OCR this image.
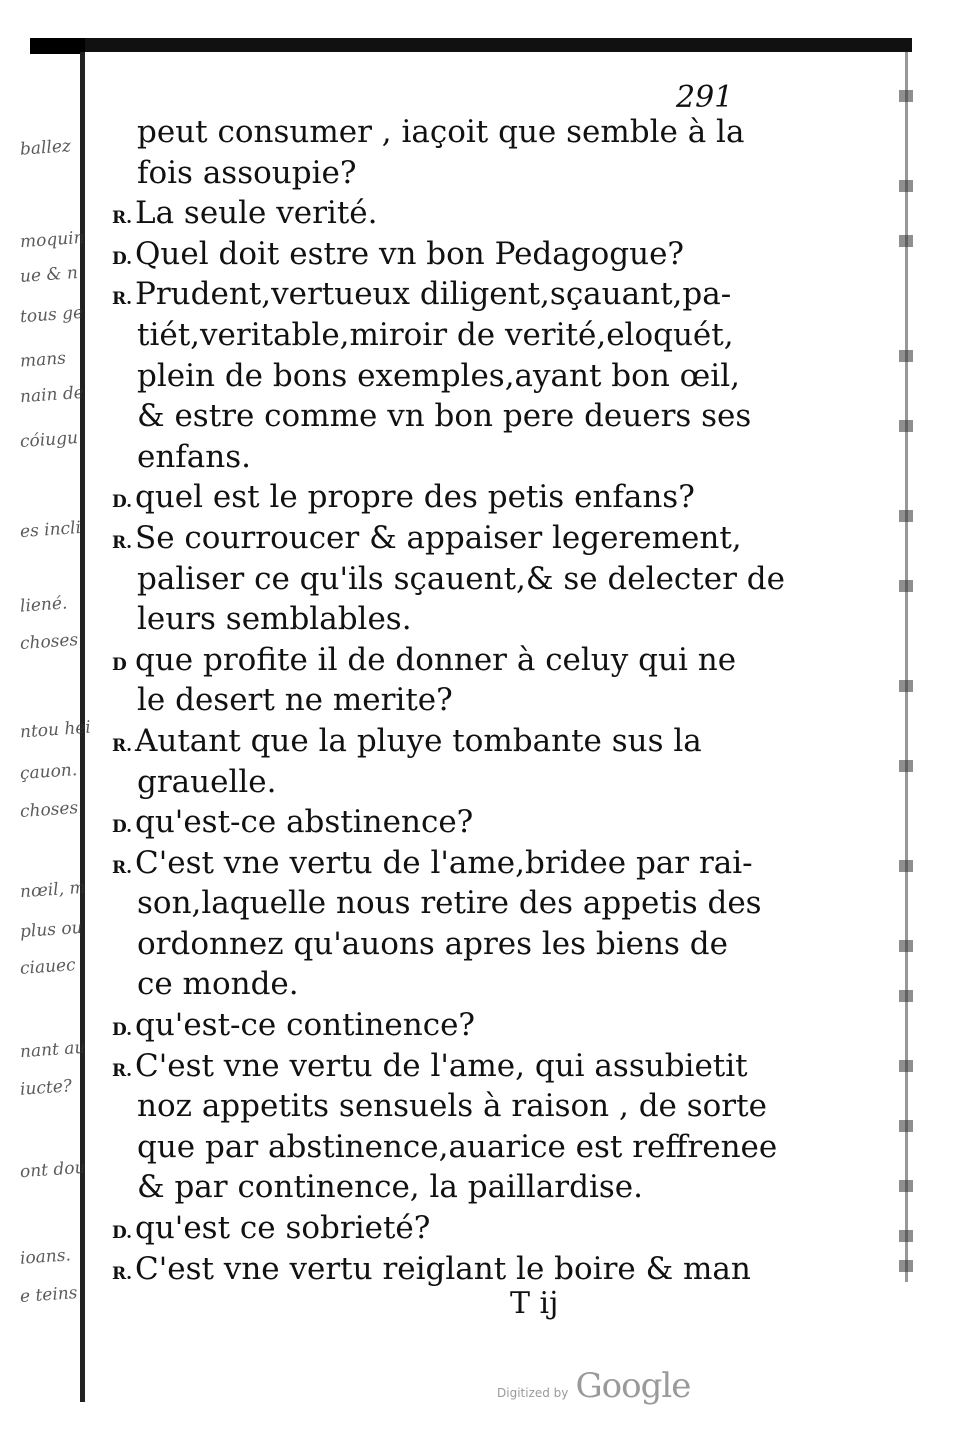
ballez
moquin
ue & n
tous ge
mans
nain de
cóiugu
es incli
liené.
choses
ntou hei
çauon.
choses
nœil, m
plus ou
ciauec
nant au
iucte?
ont dou
ioans.
e teins
291
peut consumer , iaçoit que semble à la
fois assoupie?
R.La seule verité.
D.Quel doit estre vn bon Pedagogue?
R.Prudent,vertueux diligent,sçauant,pa-
tiét,veritable,miroir de verité,eloquét,
plein de bons exemples,ayant bon œil,
& estre comme vn bon pere deuers ses
enfans.
D.quel est le propre des petis enfans?
R.Se courroucer & appaiser legerement,
paliser ce qu'ils sçauent,& se delecter de
leurs semblables.
D que profite il de donner à celuy qui ne
le desert ne merite?
R.Autant que la pluye tombante sus la
grauelle.
D.qu'est-ce abstinence?
R.C'est vne vertu de l'ame,bridee par rai-
son,laquelle nous retire des appetis des
ordonnez qu'auons apres les biens de
ce monde.
D.qu'est-ce continence?
R.C'est vne vertu de l'ame, qui assubietit
noz appetits sensuels à raison , de sorte
que par abstinence,auarice est reffrenee
& par continence, la paillardise.
D.qu'est ce sobrieté?
R.C'est vne vertu reiglant le boire & man
T ij
Digitized by Google
